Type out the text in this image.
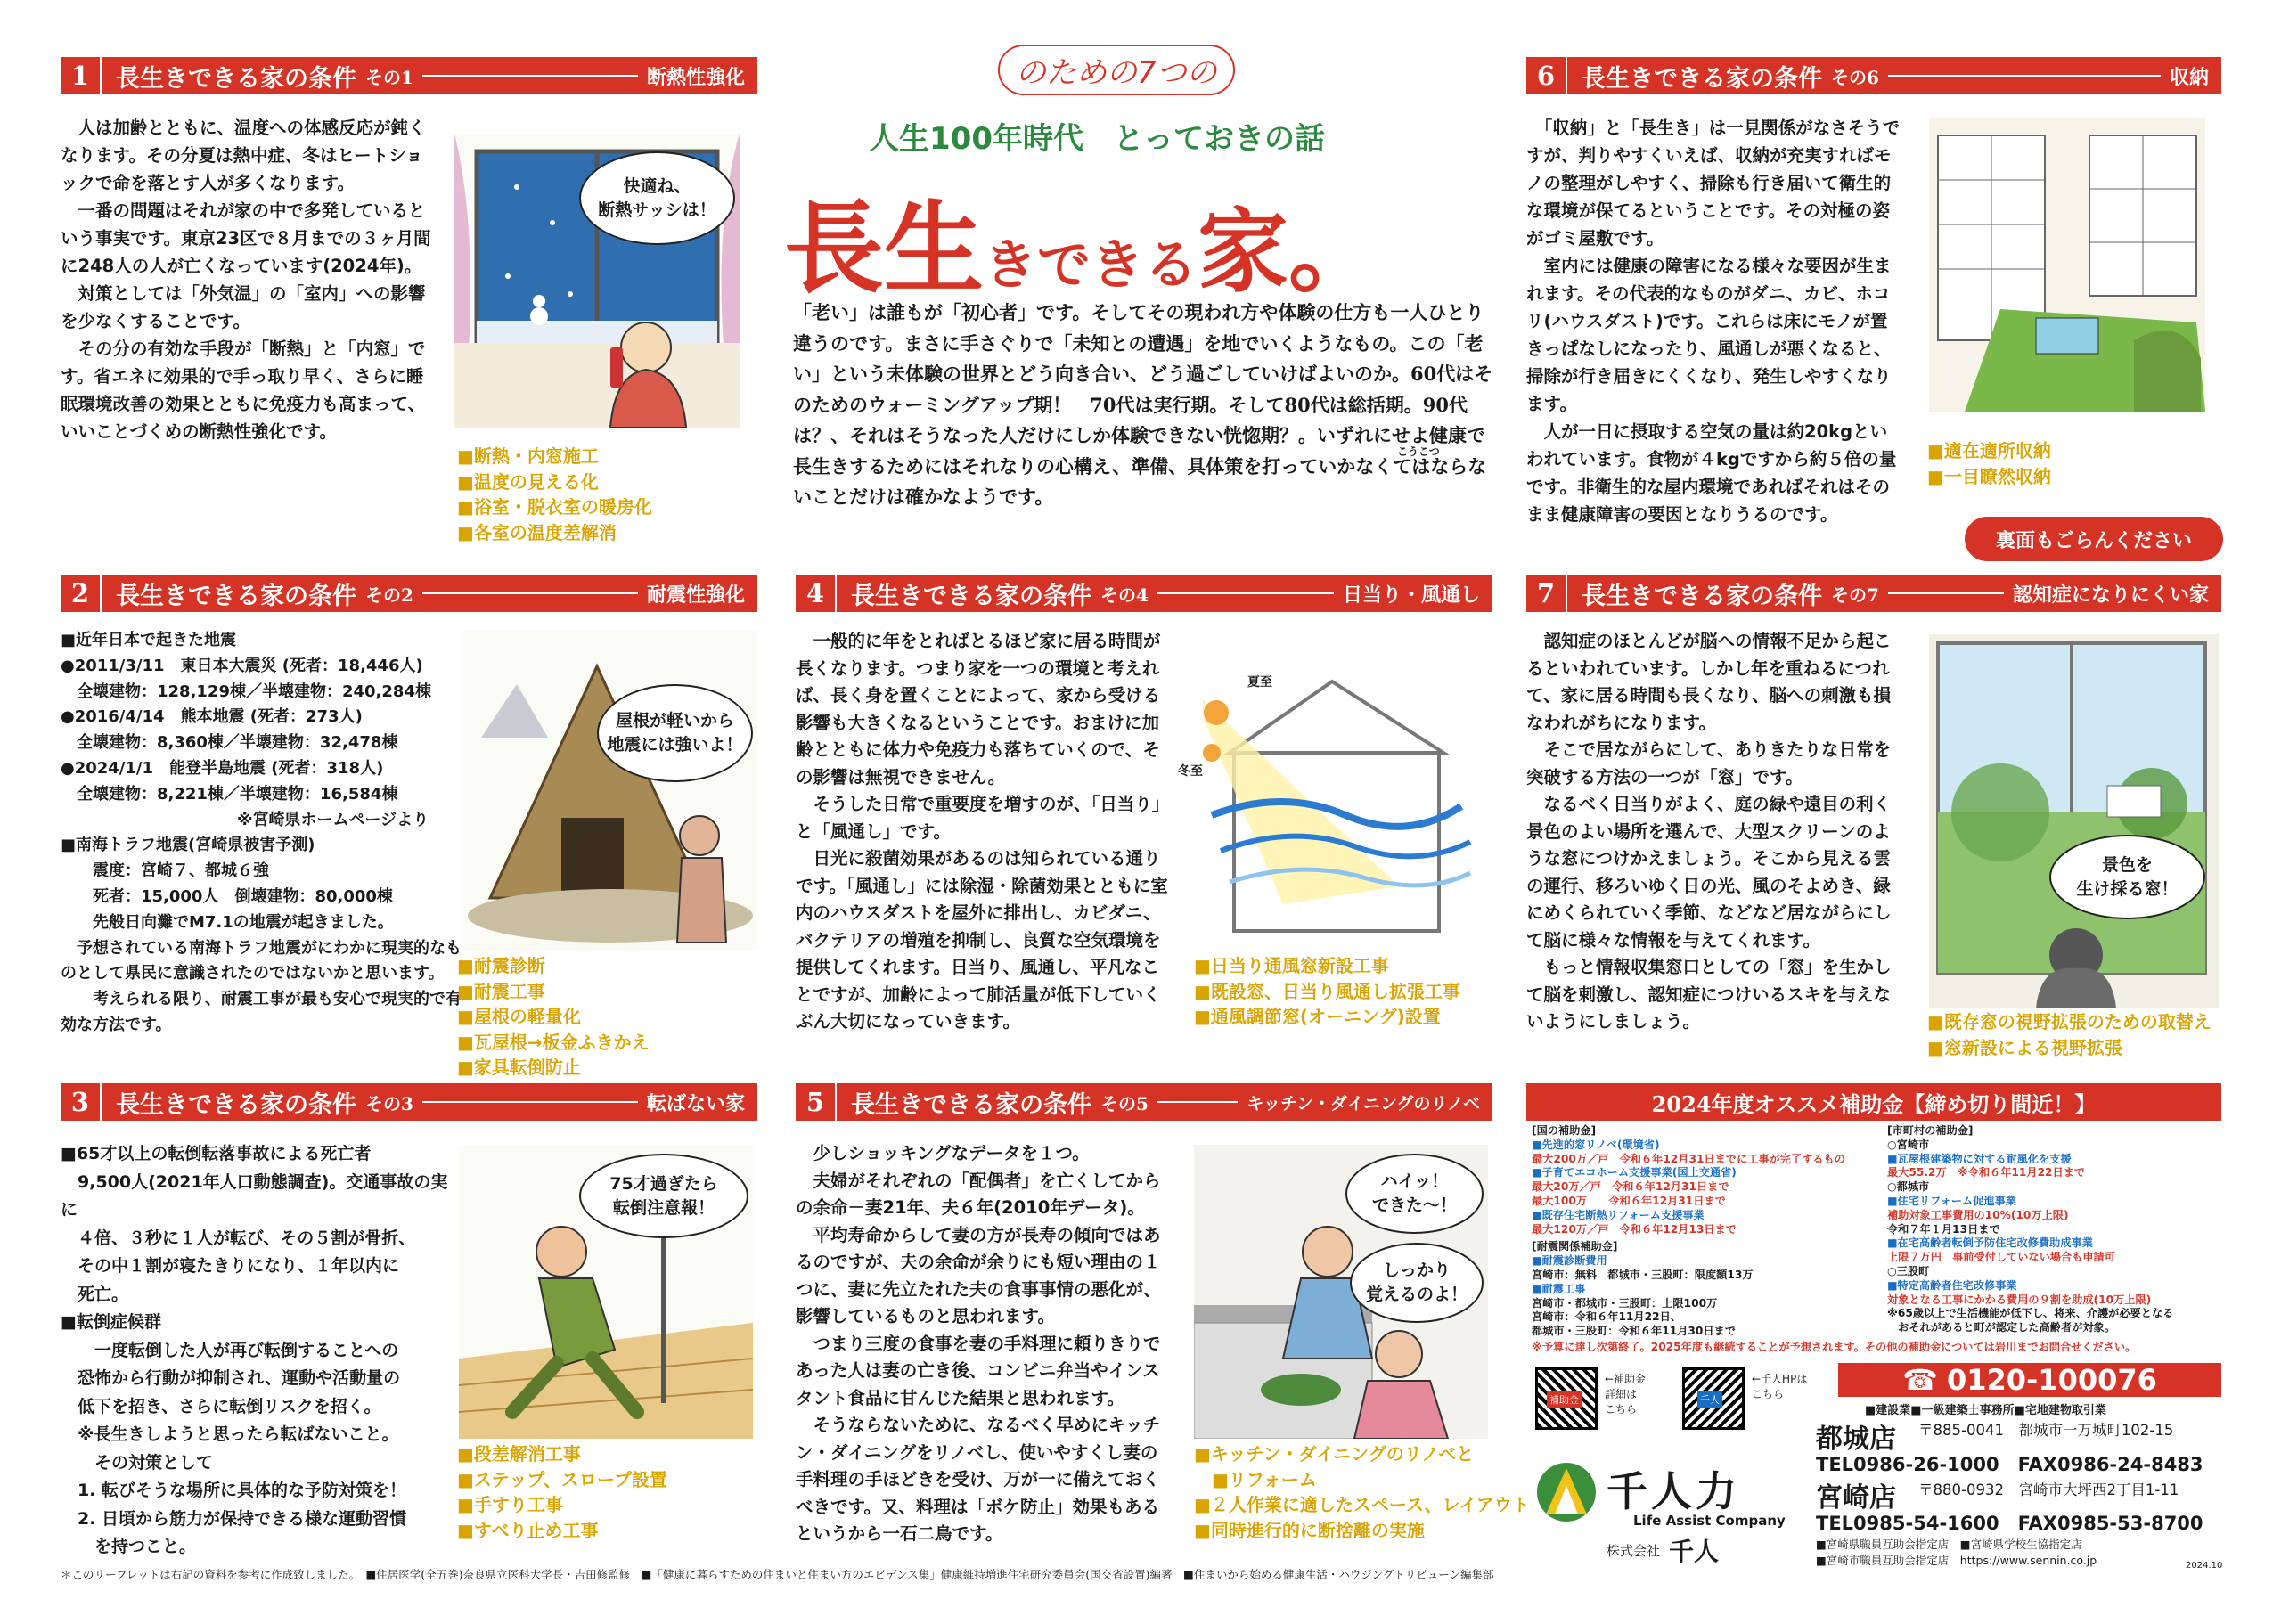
1	長生きできる家の条件 その1	断熱性強化
　人は加齢とともに、温度への体感反応が鈍くなります。その分夏は熱中症、冬はヒートショックで命を落とす人が多くなります。
　一番の問題はそれが家の中で多発しているという事実です。東京23区で８月までの３ヶ月間に248人の人が亡くなっています(2024年)。
　対策としては「外気温」の「室内」への影響を少なくすることです。
　その分の有効な手段が「断熱」と「内窓」です。省エネに効果的で手っ取り早く、さらに睡眠環境改善の効果とともに免疫力も高まって、いいことづくめの断熱性強化です。
快適ね、
断熱サッシは！
■ 断熱・内窓施工
■ 温度の見える化
■ 浴室・脱衣室の暖房化
■ 各室の温度差解消
のための7つの
人生100年時代 とっておきの話
長生きできる家。
「老い」は誰もが「初心者」です。そしてその現われ方や体験の仕方も一人ひとり違うのです。まさに手さぐりで「未知との遭遇」を地でいくようなもの。この「老い」という未体験の世界とどう向き合い、どう過ごしていけばよいのか。60代はそのためのウォーミングアップ期！　70代は実行期。そして80代は総括期。90代は？、それはそうなった人だけにしか体験できない恍惚期？。いずれにせよ健康で長生きするためにはそれなりの心構え、準備、具体策を打っていかなくてはならないことだけは確かなようです。
こうこつ
6	長生きできる家の条件 その6	収納
　「収納」と「長生き」は一見関係がなさそうですが、判りやすくいえば、収納が充実すればモノの整理がしやすく、掃除も行き届いて衛生的な環境が保てるということです。その対極の姿がゴミ屋敷です。
　室内には健康の障害になる様々な要因が生まれます。その代表的なものがダニ、カビ、ホコリ(ハウスダスト)です。これらは床にモノが置きっぱなしになったり、風通しが悪くなると、掃除が行き届きにくくなり、発生しやすくなります。
　人が一日に摂取する空気の量は約20kgといわれています。食物が４kgですから約５倍の量です。非衛生的な屋内環境であればそれはそのまま健康障害の要因となりうるのです。
■ 適在適所収納
■ 一目瞭然収納
裏面もごらんください
2	長生きできる家の条件 その2	耐震性強化
■近年日本で起きた地震
●2011/3/11　東日本大震災 (死者：18,446人)
　全壊建物：128,129棟／半壊建物：240,284棟
●2016/4/14　熊本地震 (死者：273人)
　全壊建物：8,360棟／半壊建物：32,478棟
●2024/1/1　能登半島地震 (死者：318人)
　全壊建物：8,221棟／半壊建物：16,584棟
　　　　　　　　　　　※宮崎県ホームページより
■南海トラフ地震(宮崎県被害予測)
　　震度：宮崎７、都城６強
　　死者：15,000人　倒壊建物：80,000棟
　　先般日向灘でM7.1の地震が起きました。
　予想されている南海トラフ地震がにわかに現実的なものとして県民に意識されたのではないかと思います。
　　考えられる限り、耐震工事が最も安心で現実的で有効な方法です。
屋根が軽いから
地震には強いよ！
■ 耐震診断
■ 耐震工事
■ 屋根の軽量化
■ 瓦屋根→板金ふきかえ
■ 家具転倒防止
4	長生きできる家の条件 その4	日当り・風通し
　一般的に年をとればとるほど家に居る時間が長くなります。つまり家を一つの環境と考えれば、長く身を置くことによって、家から受ける影響も大きくなるということです。おまけに加齢とともに体力や免疫力も落ちていくので、その影響は無視できません。
　そうした日常で重要度を増すのが、「日当り」と「風通し」です。
　日光に殺菌効果があるのは知られている通りです。「風通し」には除湿・除菌効果とともに室内のハウスダストを屋外に排出し、カビダニ、バクテリアの増殖を抑制し、良質な空気環境を提供してくれます。日当り、風通し、平凡なことですが、加齢によって肺活量が低下していくぶん大切になっていきます。
夏至
冬至
■ 日当り通風窓新設工事
■ 既設窓、日当り風通し拡張工事
■ 通風調節窓(オーニング)設置
7	長生きできる家の条件 その7	認知症になりにくい家
　認知症のほとんどが脳への情報不足から起こるといわれています。しかし年を重ねるにつれて、家に居る時間も長くなり、脳への刺激も損なわれがちになります。
　そこで居ながらにして、ありきたりな日常を突破する方法の一つが「窓」です。
　なるべく日当りがよく、庭の緑や遠目の利く景色のよい場所を選んで、大型スクリーンのような窓につけかえましょう。そこから見える雲の運行、移ろいゆく日の光、風のそよめき、緑にめくられていく季節、などなど居ながらにして脳に様々な情報を与えてくれます。
　もっと情報収集窓口としての「窓」を生かして脳を刺激し、認知症につけいるスキを与えないようにしましょう。
景色を
生け採る窓！
■ 既存窓の視野拡張のための取替え
■ 窓新設による視野拡張
3	長生きできる家の条件 その3	転ばない家
■65才以上の転倒転落事故による死亡者
　9,500人(2021年人口動態調査)。交通事故の実に
　４倍、３秒に１人が転び、その５割が骨折、
　その中１割が寝たきりになり、１年以内に
　死亡。
■転倒症候群
　　一度転倒した人が再び転倒することへの
　恐怖から行動が抑制され、運動や活動量の
　低下を招き、さらに転倒リスクを招く。
　※長生きしようと思ったら転ばないこと。
　　その対策として
　1. 転びそうな場所に具体的な予防対策を！
　2. 日頃から筋力が保持できる様な運動習慣
　　を持つこと。
75才過ぎたら
転倒注意報！
■ 段差解消工事
■ ステップ、スロープ設置
■ 手すり工事
■ すべり止め工事
5	長生きできる家の条件 その5	キッチン・ダイニングのリノベ
　少しショッキングなデータを１つ。
　夫婦がそれぞれの「配偶者」を亡くしてからの余命－妻21年、夫６年(2010年データ)。
　平均寿命からして妻の方が長寿の傾向ではあるのですが、夫の余命が余りにも短い理由の１つに、妻に先立たれた夫の食事事情の悪化が、影響しているものと思われます。
　つまり三度の食事を妻の手料理に頼りきりであった人は妻の亡き後、コンビニ弁当やインスタント食品に甘んじた結果と思われます。
　そうならないために、なるべく早めにキッチン・ダイニングをリノベし、使いやすくし妻の手料理の手ほどきを受け、万が一に備えておくべきです。又、料理は「ボケ防止」効果もあるというから一石二鳥です。
ハイッ！
できた～！
しっかり
覚えるのよ！
■ キッチン・ダイニングのリノベと
■ リフォーム
■ ２人作業に適したスペース、レイアウト
■ 同時進行的に断捨離の実施
2024年度オススメ補助金【締め切り間近！】
[国の補助金]
■先進的窓リノベ(環境省)
最大200万／戸　令和６年12月31日までに工事が完了するもの
■子育てエコホーム支援事業(国土交通省)
最大20万／戸　令和６年12月31日まで
最大100万　　令和６年12月31日まで
■既存住宅断熱リフォーム支援事業
最大120万／戸　令和６年12月13日まで
[耐震関係補助金]
■耐震診断費用
宮崎市：無料　都城市・三股町：限度額13万
■耐震工事
宮崎市・都城市・三股町：上限100万
宮崎市：令和６年11月22日、
都城市・三股町：令和６年11月30日まで
[市町村の補助金]
○宮崎市
■瓦屋根建築物に対する耐風化を支援
最大55.2万　※令和６年11月22日まで
○都城市
■住宅リフォーム促進事業
補助対象工事費用の10%(10万上限)
令和７年１月13日まで
■在宅高齢者転倒予防住宅改修費助成事業
上限７万円　事前受付していない場合も申請可
○三股町
■特定高齢者住宅改修事業
対象となる工事にかかる費用の９割を助成(10万上限)
※65歳以上で生活機能が低下し、将来、介護が必要となる
　おそれがあると町が認定した高齢者が対象。
※予算に達し次第終了。2025年度も継続することが予想されます。その他の補助金については岩川までお問合せください。
補助金
←補助金
詳細は
こちら
千人
←千人HPは
こちら	☎ 0120-100076
■建設業■一級建築士事務所■宅地建物取引業
都城店 〒885-0041　都城市一万城町102-15
TEL0986-26-1000　FAX0986-24-8483
宮崎店 〒880-0932　宮崎市大坪西2丁目1-11
TEL0985-54-1600　FAX0985-53-8700
■宮崎県職員互助会指定店　■宮崎県学校生協指定店
■宮崎市職員互助会指定店　https://www.sennin.co.jp
千人力
Life Assist Company
株式会社 千人	2024.10
＊このリーフレットは右記の資料を参考に作成致しました。　■住居医学(全五巻)奈良県立医科大学長・吉田修監修　■「健康に暮らすための住まいと住まい方のエビデンス集」健康維持増進住宅研究委員会(国交省設置)編著　■住まいから始める健康生活・ハウジングトリビューン編集部
